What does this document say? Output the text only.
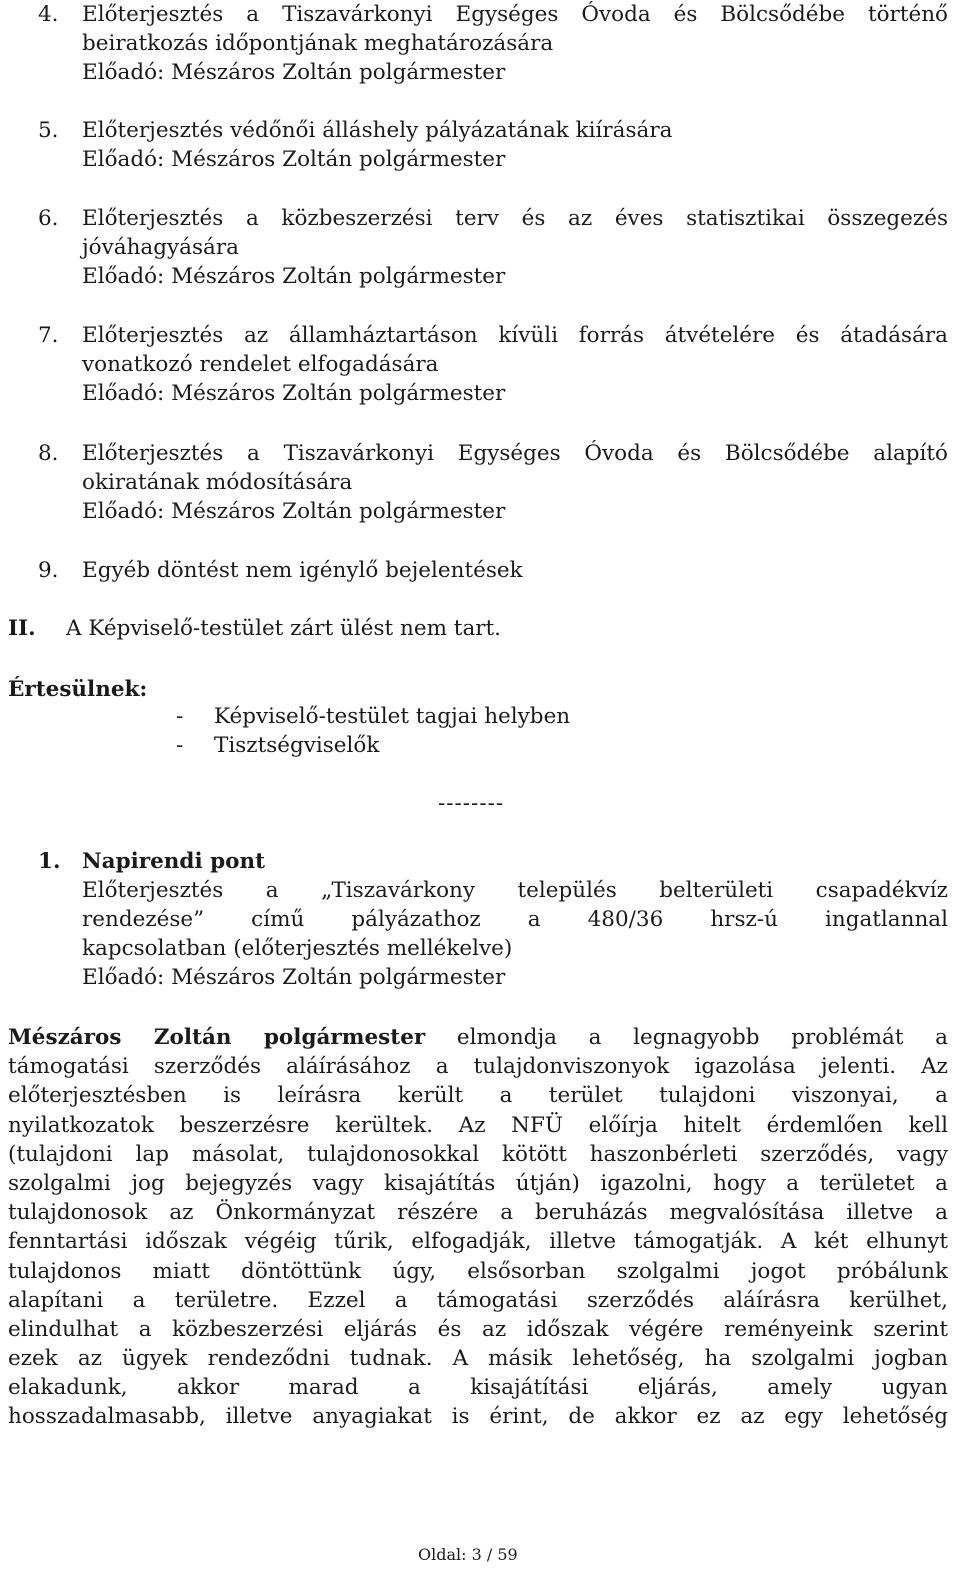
4.	Előterjesztés a Tiszavárkonyi Egységes Óvoda és Bölcsődébe történő
beiratkozás időpontjának meghatározására
Előadó: Mészáros Zoltán polgármester
5.	Előterjesztés védőnői álláshely pályázatának kiírására
Előadó: Mészáros Zoltán polgármester
6.	Előterjesztés a közbeszerzési terv és az éves statisztikai összegezés
jóváhagyására
Előadó: Mészáros Zoltán polgármester
7.	Előterjesztés az államháztartáson kívüli forrás átvételére és átadására
vonatkozó rendelet elfogadására
Előadó: Mészáros Zoltán polgármester
8.	Előterjesztés a Tiszavárkonyi Egységes Óvoda és Bölcsődébe alapító
okiratának módosítására
Előadó: Mészáros Zoltán polgármester
9.	Egyéb döntést nem igénylő bejelentések
II. A Képviselő-testület zárt ülést nem tart.
Értesülnek:
- Képviselő-testület tagjai helyben
- Tisztségviselők
--------
1.	Napirendi pont
Előterjesztés a „Tiszavárkony település belterületi csapadékvíz
rendezése” című pályázathoz a 480/36 hrsz-ú ingatlannal
kapcsolatban (előterjesztés mellékelve)
Előadó: Mészáros Zoltán polgármester
Mészáros Zoltán polgármester elmondja a legnagyobb problémát a
támogatási szerződés aláírásához a tulajdonviszonyok igazolása jelenti. Az
előterjesztésben is leírásra került a terület tulajdoni viszonyai, a
nyilatkozatok beszerzésre kerültek. Az NFÜ előírja hitelt érdemlően kell
(tulajdoni lap másolat, tulajdonosokkal kötött haszonbérleti szerződés, vagy
szolgalmi jog bejegyzés vagy kisajátítás útján) igazolni, hogy a területet a
tulajdonosok az Önkormányzat részére a beruházás megvalósítása illetve a
fenntartási időszak végéig tűrik, elfogadják, illetve támogatják. A két elhunyt
tulajdonos miatt döntöttünk úgy, elsősorban szolgalmi jogot próbálunk
alapítani a területre. Ezzel a támogatási szerződés aláírásra kerülhet,
elindulhat a közbeszerzési eljárás és az időszak végére reményeink szerint
ezek az ügyek rendeződni tudnak. A másik lehetőség, ha szolgalmi jogban
elakadunk, akkor marad a kisajátítási eljárás, amely ugyan
hosszadalmasabb, illetve anyagiakat is érint, de akkor ez az egy lehetőség
Oldal: 3 / 59
